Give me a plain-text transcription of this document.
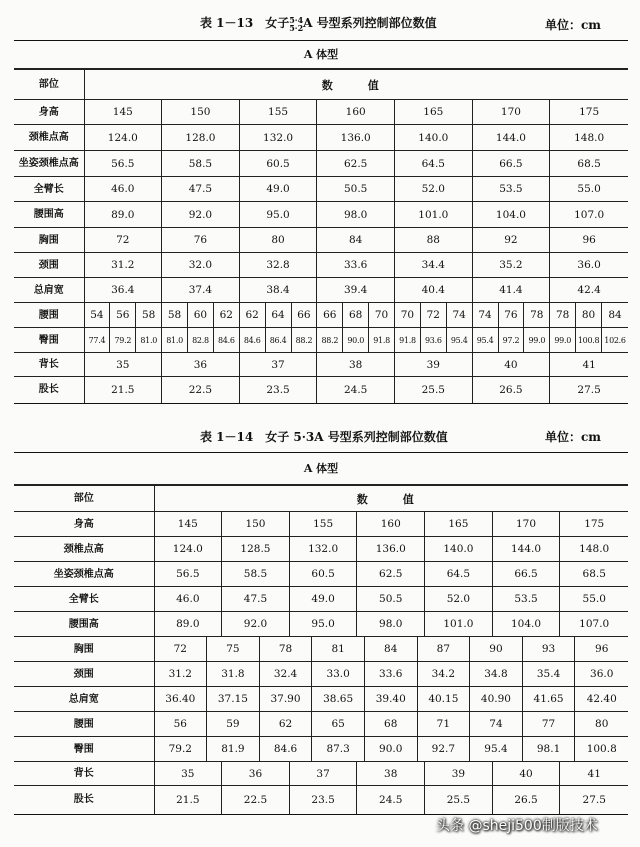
表 1－13　女子 5·4
5·2 A 号型系列控制部位数值	单位：cm
A 体型
部位	数　值																				
身高	145			150			155			160			165			170			175		
颈椎点高	124.0			128.0			132.0			136.0			140.0			144.0			148.0		
坐姿颈椎点高	56.5			58.5			60.5			62.5			64.5			66.5			68.5		
全臂长	46.0			47.5			49.0			50.5			52.0			53.5			55.0		
腰围高	89.0			92.0			95.0			98.0			101.0			104.0			107.0		
胸围	72			76			80			84			88			92			96		
颈围	31.2			32.0			32.8			33.6			34.4			35.2			36.0		
总肩宽	36.4			37.4			38.4			39.4			40.4			41.4			42.4		
腰围	54	56	58	58	60	62	62	64	66	66	68	70	70	72	74	74	76	78	78	80	84
臀围	77.4	79.2	81.0	81.0	82.8	84.6	84.6	86.4	88.2	88.2	90.0	91.8	91.8	93.6	95.4	95.4	97.2	99.0	99.0	100.8	102.6
背长	35			36			37			38			39			40			41		
股长	21.5			22.5			23.5			24.5			25.5			26.5			27.5		
表 1－14　女子 5·3A 号型系列控制部位数值	单位：cm
A 体型
部位	数　值														
身高	145		150		155		160			165		170		175	
颈椎点高	124.0		128.5		132.0		136.0			140.0		144.0		148.0	
坐姿颈椎点高	56.5		58.5		60.5		62.5			64.5		66.5		68.5	
全臂长	46.0		47.5		49.0		50.5			52.0		53.5		55.0	
腰围高	89.0		92.0		95.0		98.0			101.0		104.0		107.0	
胸围	72	75		78		81		84	87		90		93		96
颈围	31.2	31.8		32.4		33.0		33.6	34.2		34.8		35.4		36.0
总肩宽	36.40	37.15		37.90		38.65		39.40	40.15		40.90		41.65		42.40
腰围	56	59		62		65		68	71		74		77		80
臀围	79.2	81.9		84.6		87.3		90.0	92.7		95.4		98.1		100.8
背长	35		36		37		38			39		40		41	
股长	21.5		22.5		23.5		24.5			25.5		26.5		27.5	
头条 @sheji500制版技术
